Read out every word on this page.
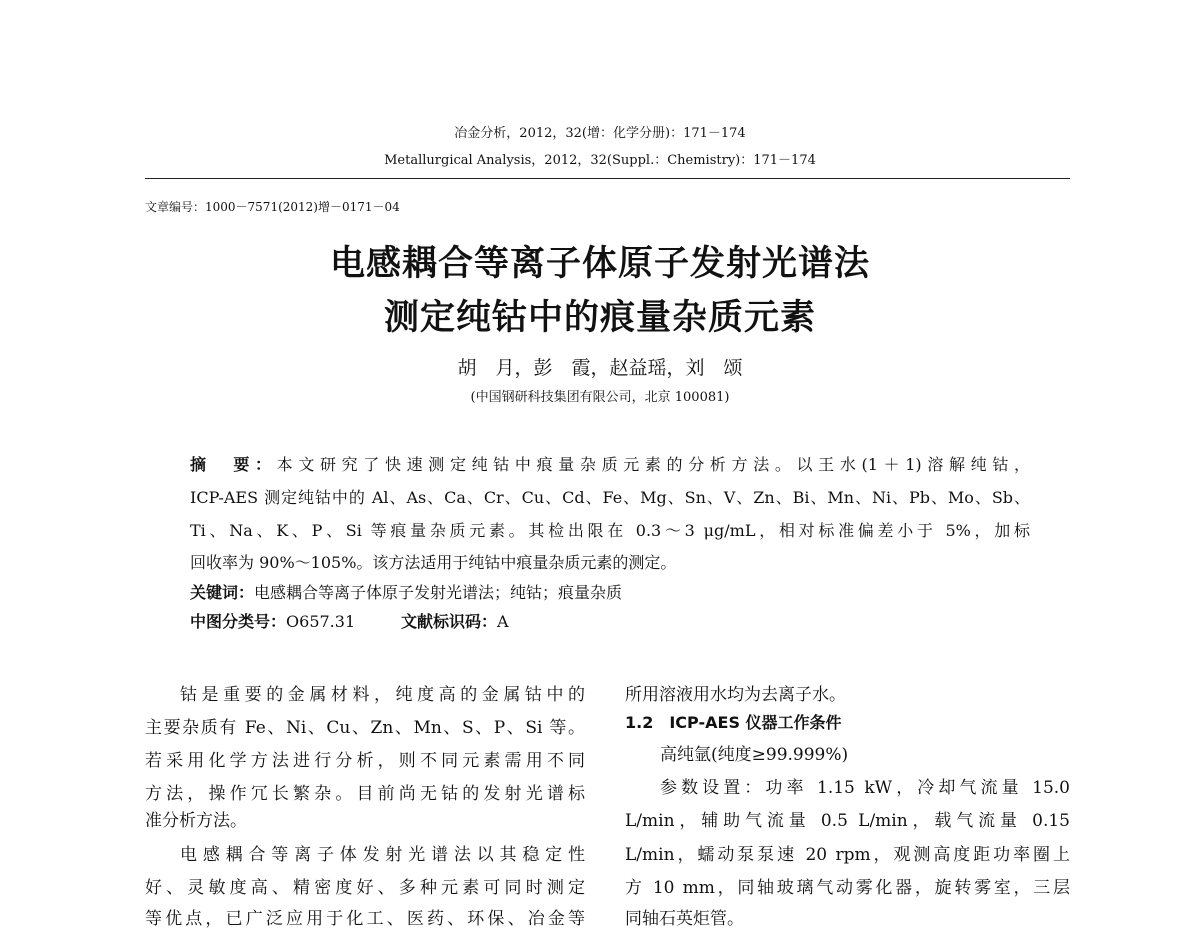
冶金分析，2012，32(增：化学分册)：171－174
Metallurgical Analysis，2012，32(Suppl.：Chemistry)：171－174
文章编号：1000－7571(2012)增－0171－04
电感耦合等离子体原子发射光谱法
测定纯钴中的痕量杂质元素
胡　月，彭　霞，赵益瑶，刘　颂
(中国钢研科技集团有限公司，北京 100081)
摘　要：本文研究了快速测定纯钴中痕量杂质元素的分析方法。以王水(1＋1)溶解纯钴，
ICP-AES 测定纯钴中的 Al、As、Ca、Cr、Cu、Cd、Fe、Mg、Sn、V、Zn、Bi、Mn、Ni、Pb、Mo、Sb、
Ti、Na、K、P、Si 等痕量杂质元素。其检出限在 0.3～3 μg/mL，相对标准偏差小于 5%，加标
回收率为 90%～105%。该方法适用于纯钴中痕量杂质元素的测定。
关键词：电感耦合等离子体原子发射光谱法；纯钴；痕量杂质
中图分类号：O657.31	文献标识码：A
钴是重要的金属材料，纯度高的金属钴中的
主要杂质有 Fe、Ni、Cu、Zn、Mn、S、P、Si 等。
若采用化学方法进行分析，则不同元素需用不同
方法，操作冗长繁杂。目前尚无钴的发射光谱标
准分析方法。
电感耦合等离子体发射光谱法以其稳定性
好、灵敏度高、精密度好、多种元素可同时测定
等优点，已广泛应用于化工、医药、环保、冶金等
所用溶液用水均为去离子水。
1.2　ICP-AES 仪器工作条件
高纯氩(纯度≥99.999%)
参数设置：功率 1.15 kW，冷却气流量 15.0
L/min，辅助气流量 0.5 L/min，载气流量 0.15
L/min，蠕动泵泵速 20 rpm，观测高度距功率圈上
方 10 mm，同轴玻璃气动雾化器，旋转雾室，三层
同轴石英炬管。
